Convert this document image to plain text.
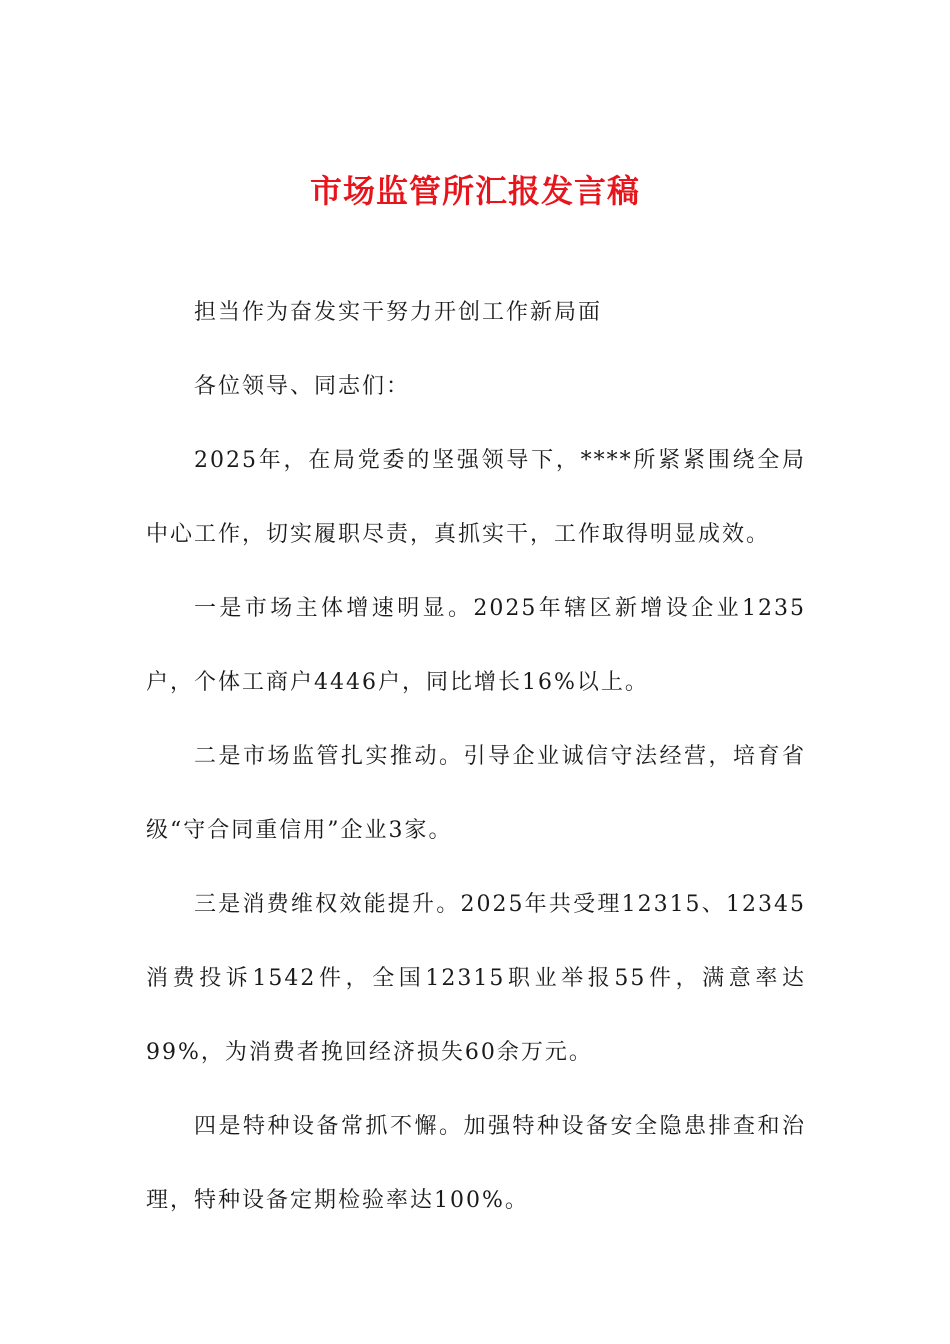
市场监管所汇报发言稿

担当作为奋发实干努力开创工作新局面

各位领导、同志们：

2025年，在局党委的坚强领导下，****所紧紧围绕全局中心工作，切实履职尽责，真抓实干，工作取得明显成效。

一是市场主体增速明显。2025年辖区新增设企业1235户，个体工商户4446户，同比增长16%以上。

二是市场监管扎实推动。引导企业诚信守法经营，培育省级“守合同重信用”企业3家。

三是消费维权效能提升。2025年共受理12315、12345消费投诉1542件，全国12315职业举报55件，满意率达99%，为消费者挽回经济损失60余万元。

四是特种设备常抓不懈。加强特种设备安全隐患排查和治理，特种设备定期检验率达100%。
